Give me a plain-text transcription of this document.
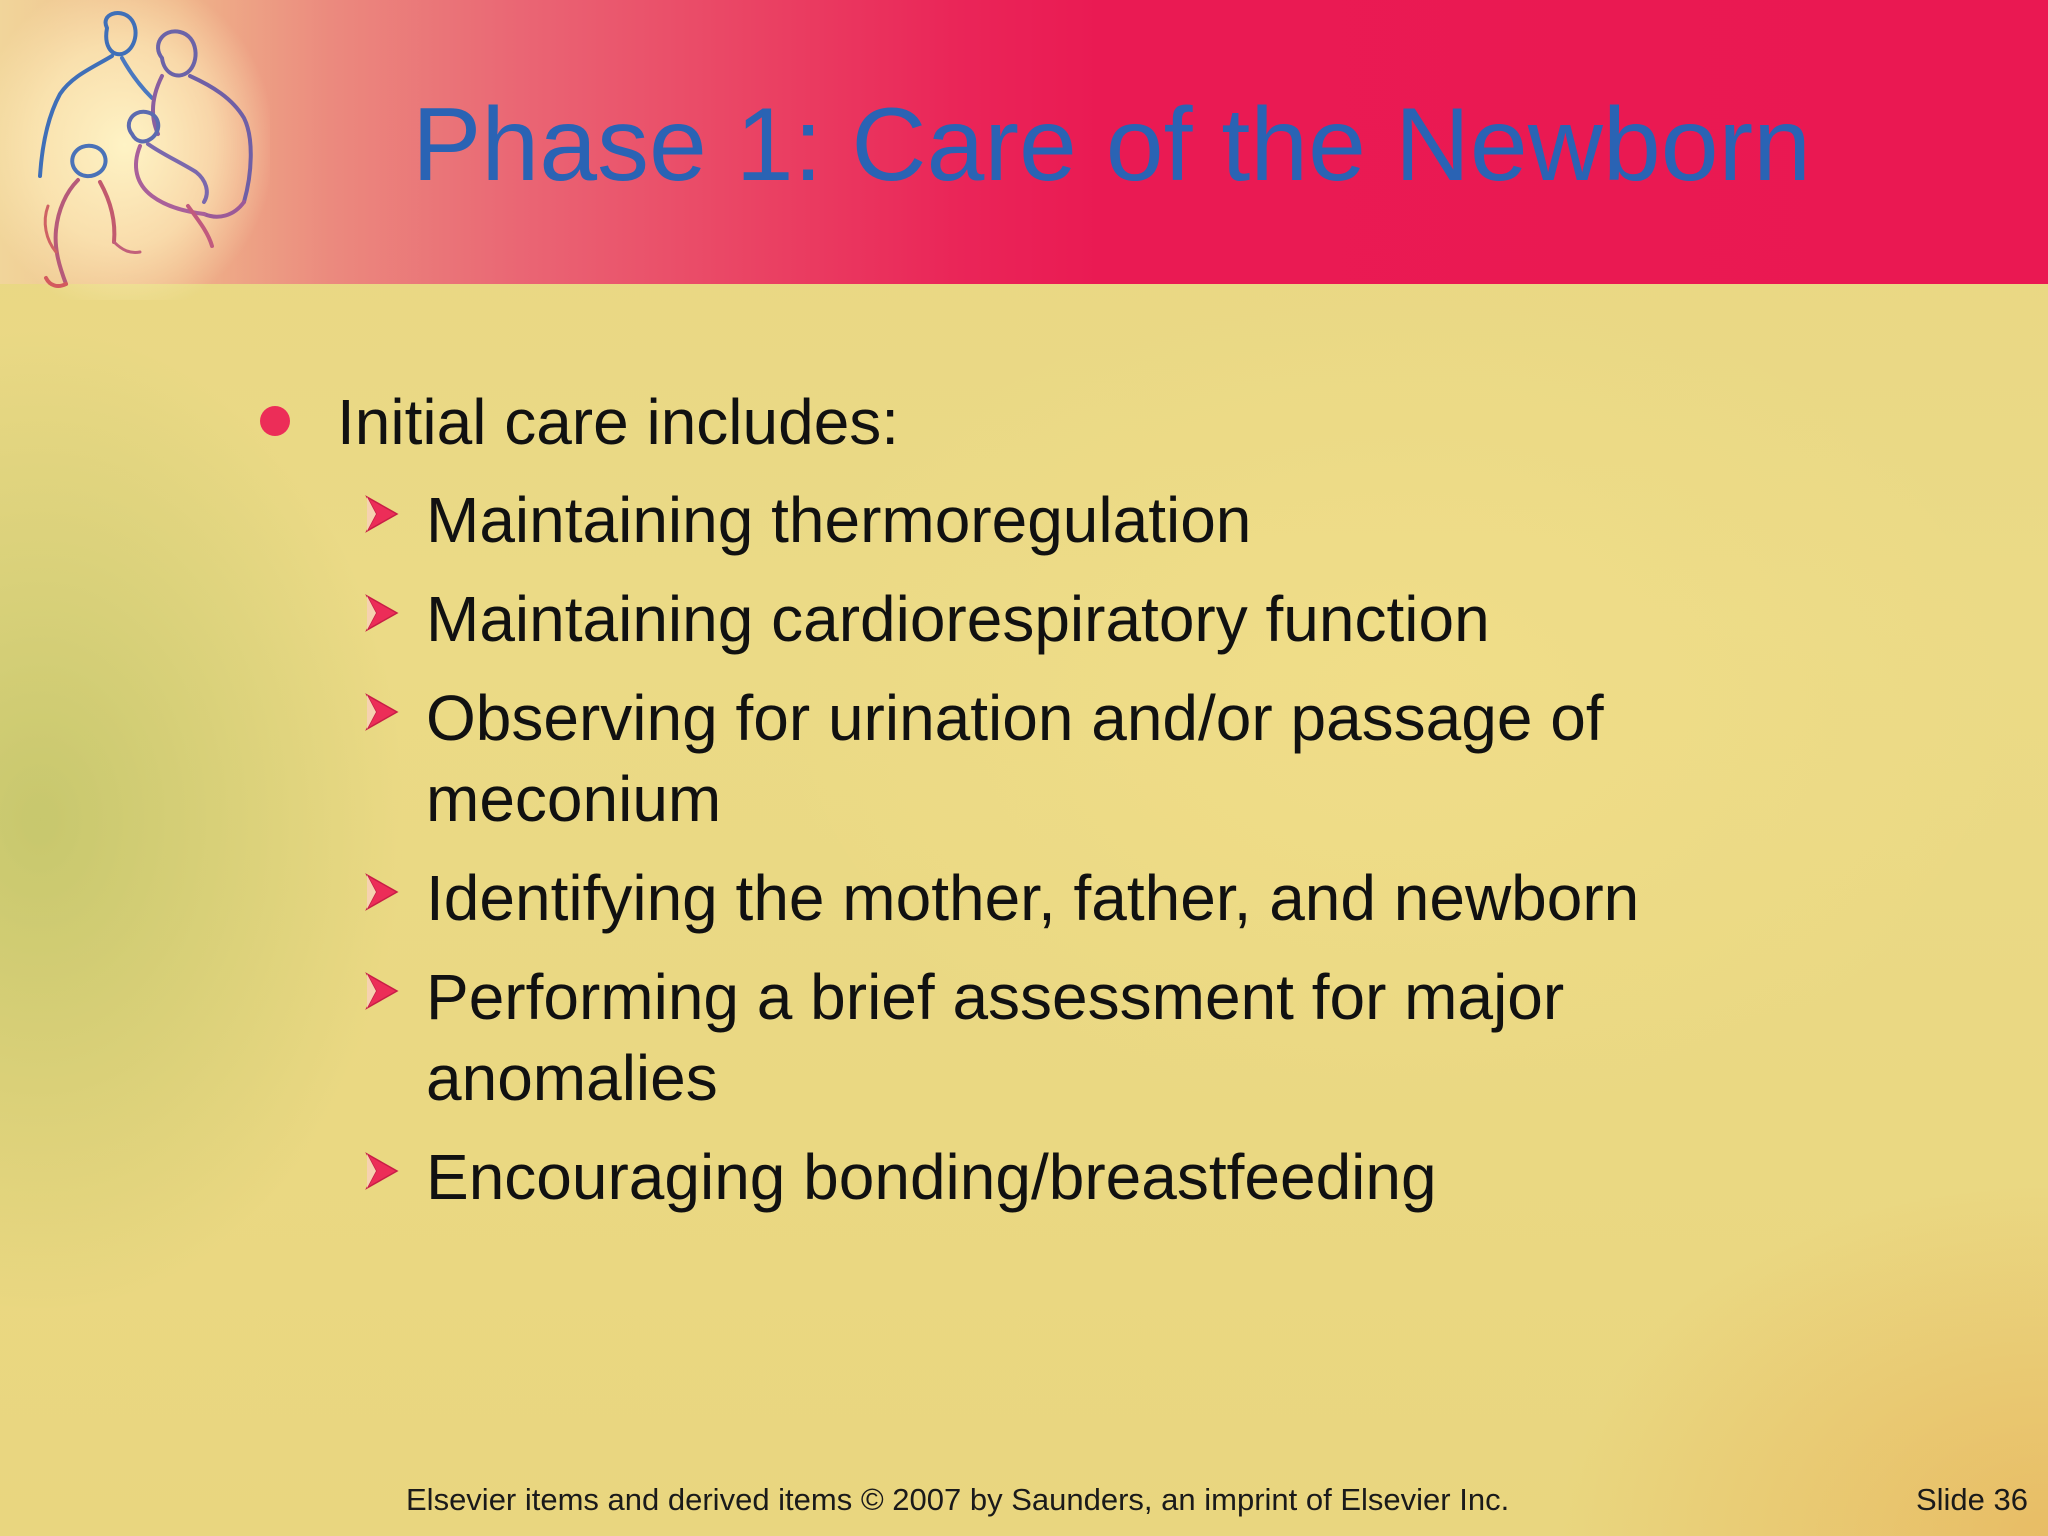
Phase 1: Care of the Newborn
Initial care includes:
Maintaining thermoregulation
Maintaining cardiorespiratory function
Observing for urination and/or passage of meconium
Identifying the mother, father, and newborn
Performing a brief assessment for major anomalies
Encouraging bonding/breastfeeding
Elsevier items and derived items © 2007 by Saunders, an imprint of Elsevier Inc.	Slide 36
